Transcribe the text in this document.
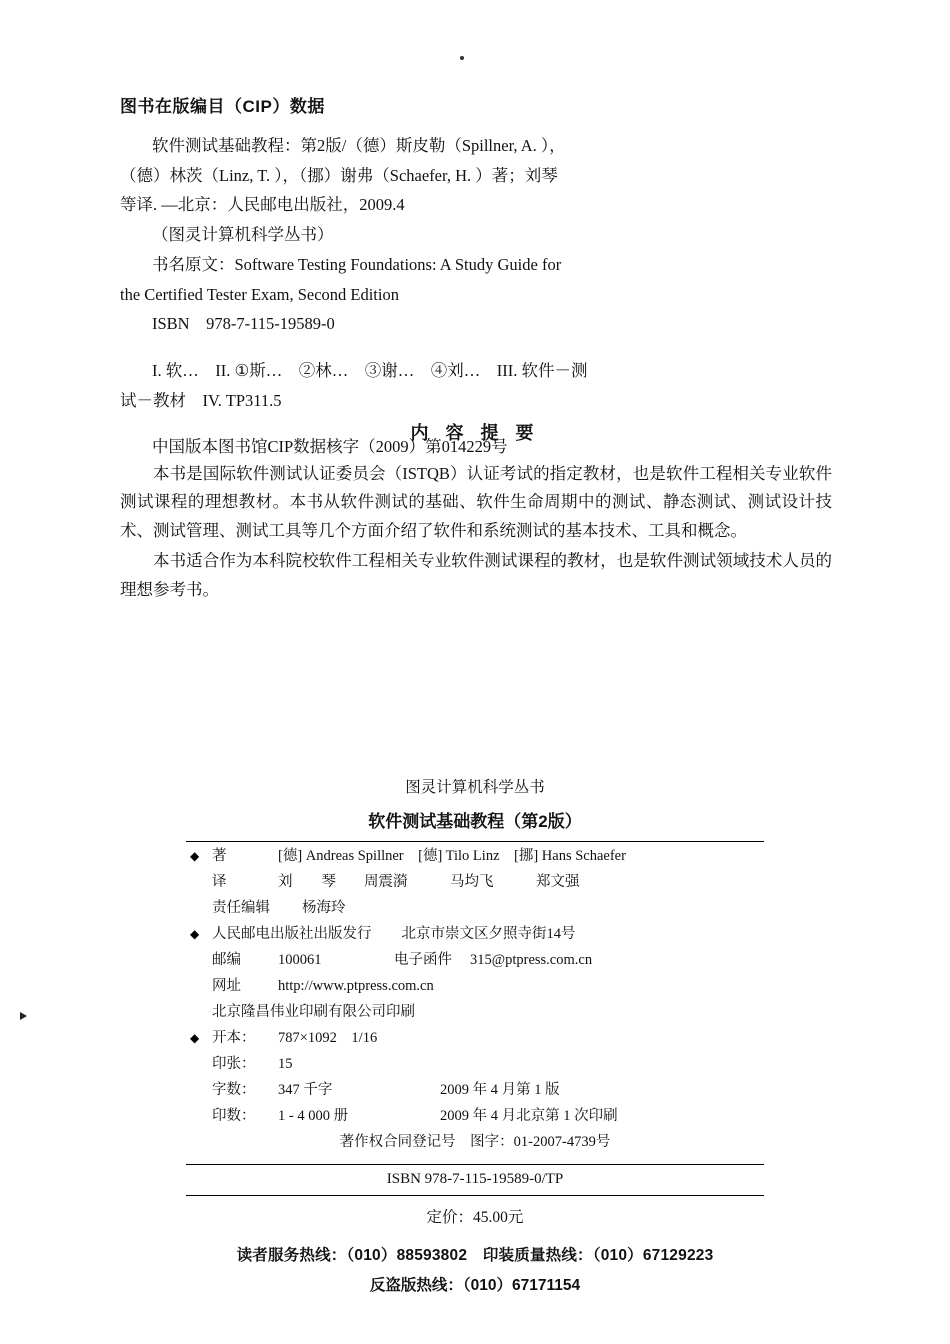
图书在版编目（CIP）数据

软件测试基础教程：第2版/（德）斯皮勒（Spillner, A. ），

（德）林茨（Linz, T. ），（挪）谢弗（Schaefer, H. ）著；刘琴

等译. —北京：人民邮电出版社，2009.4

（图灵计算机科学丛书）

书名原文：Software Testing Foundations: A Study Guide for

the Certified Tester Exam, Second Edition

ISBN　978-7-115-19589-0

I. 软…　II. ①斯…　②林…　③谢…　④刘…　III. 软件－测

试－教材　IV. TP311.5

中国版本图书馆CIP数据核字（2009）第014229号

内 容 提 要

本书是国际软件测试认证委员会（ISTQB）认证考试的指定教材，也是软件工程相关专业软件测试课程的理想教材。本书从软件测试的基础、软件生命周期中的测试、静态测试、测试设计技术、测试管理、测试工具等几个方面介绍了软件和系统测试的基本技术、工具和概念。

本书适合作为本科院校软件工程相关专业软件测试课程的教材，也是软件测试领域技术人员的理想参考书。

图灵计算机科学丛书
软件测试基础教程（第2版）
◆ 著	[德] Andreas Spillner　[德] Tilo Linz　[挪] Hans Schaefer
译	刘　　琴 周震漪	马均飞	郑文强
责任编辑	杨海玲
◆ 人民邮电出版社出版发行 北京市崇文区夕照寺街14号
邮编	100061	电子函件 315@ptpress.com.cn
网址	http://www.ptpress.com.cn
北京隆昌伟业印刷有限公司印刷
◆ 开本：	787×1092　1/16
印张：	15
字数：	347 千字	2009 年 4 月第 1 版
印数：	1 - 4 000 册	2009 年 4 月北京第 1 次印刷
著作权合同登记号　图字：01-2007-4739号
ISBN 978-7-115-19589-0/TP
定价：45.00元
读者服务热线：（010）88593802　印装质量热线：（010）67129223
反盗版热线：（010）67171154
